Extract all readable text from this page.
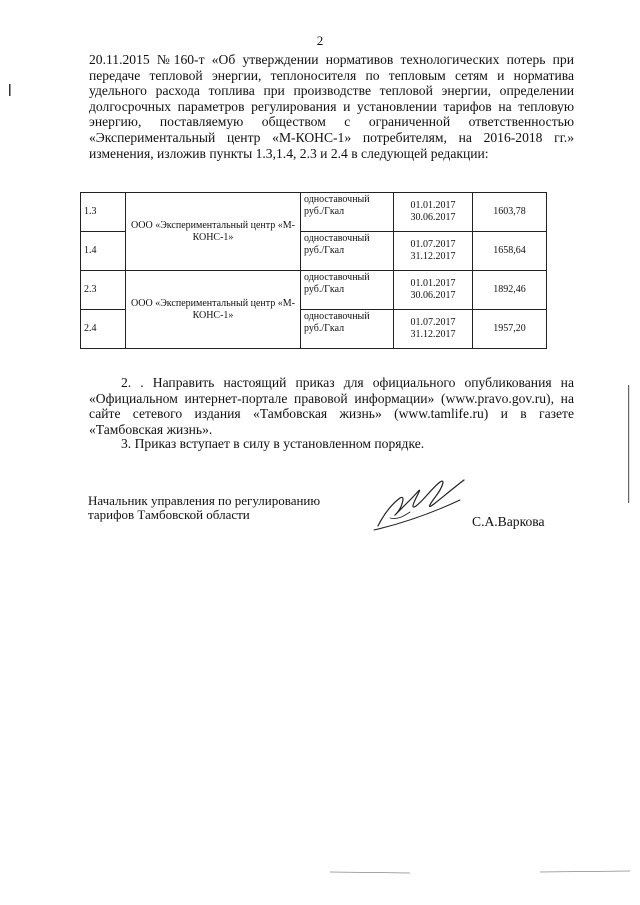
2
20.11.2015 №160-т «Об утверждении нормативов технологических потерь при передаче тепловой энергии, теплоносителя по тепловым сетям и норматива удельного расхода топлива при производстве тепловой энергии, определении долгосрочных параметров регулирования и установлении тарифов на тепловую энергию, поставляемую обществом с ограниченной ответственностью «Экспериментальный центр «М-КОНС-1» потребителям, на 2016-2018 гг.» изменения, изложив пункты 1.3,1.4, 2.3 и 2.4 в следующей редакции:
1.3	ООО «Экспериментальный центр «М-КОНС-1»	одноставочный руб./Гкал	01.01.2017
30.06.2017	1603,78
1.4		одноставочный руб./Гкал	01.07.2017
31.12.2017	1658,64
2.3	ООО «Экспериментальный центр «М-КОНС-1»	одноставочный руб./Гкал	01.01.2017
30.06.2017	1892,46
2.4		одноставочный руб./Гкал	01.07.2017
31.12.2017	1957,20
2. . Направить настоящий приказ для официального опубликования на «Официальном интернет-портале правовой информации» (www.pravo.gov.ru), на сайте сетевого издания «Тамбовская жизнь» (www.tamlife.ru) и в газете «Тамбовская жизнь».
3. Приказ вступает в силу в установленном порядке.
Начальник управления по регулированию
тарифов Тамбовской области	С.А.Варкова
